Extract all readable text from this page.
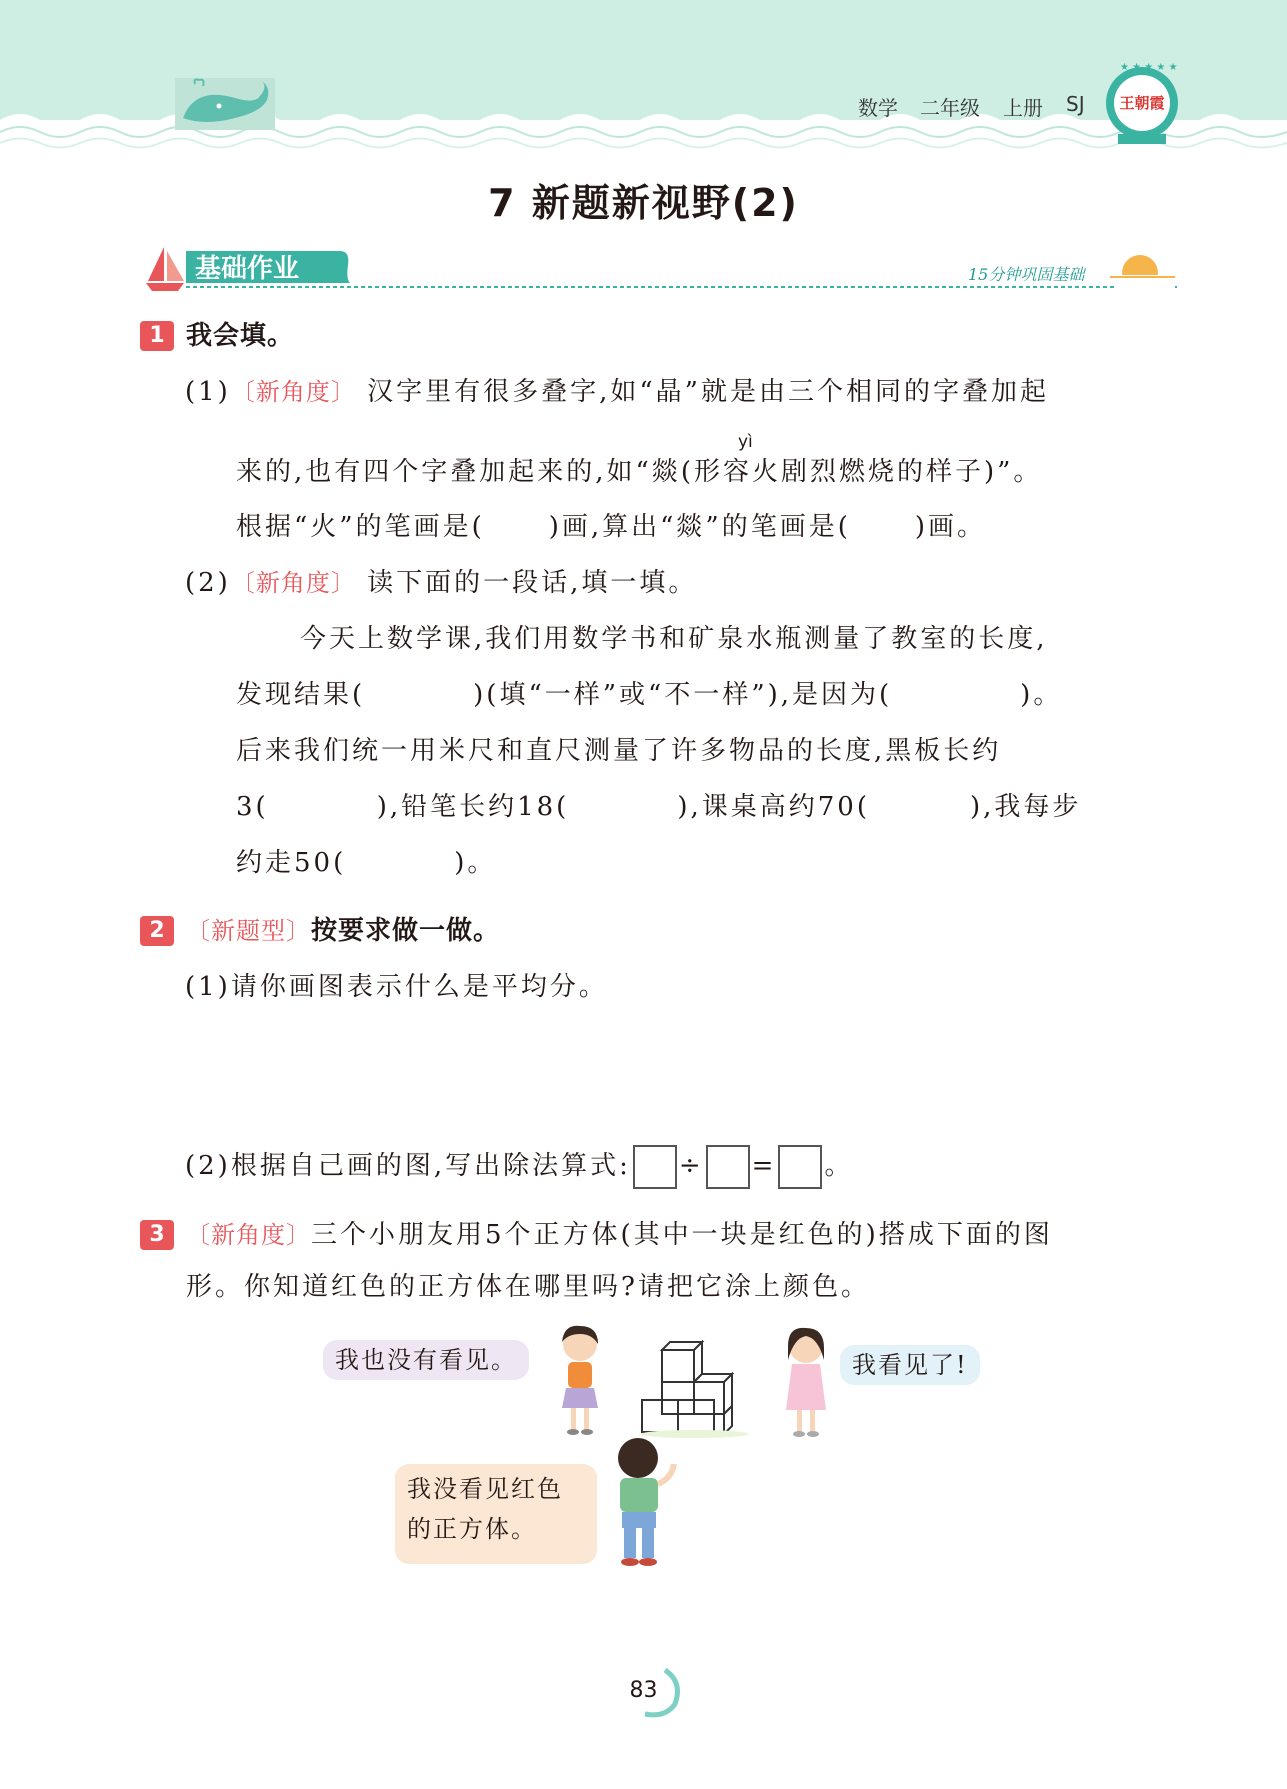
数学 二年级 上册 SJ
★ ★ ★ ★ ★
王朝霞
7 新题新视野(2)
基础作业	15分钟巩固基础
1 我会填。
(1)〔新角度〕 汉字里有很多叠字,如“晶”就是由三个相同的字叠加起
yì
来的,也有四个字叠加起来的,如“燚(形容火剧烈燃烧的样子)”。
根据“火”的笔画是( )画,算出“燚”的笔画是( )画。
(2)〔新角度〕 读下面的一段话,填一填。
今天上数学课,我们用数学书和矿泉水瓶测量了教室的长度,
发现结果(	)(填“一样”或“不一样”),是因为(	)。
后来我们统一用米尺和直尺测量了许多物品的长度,黑板长约
3(	),铅笔长约18(	),课桌高约70(	),我每步
约走50(	)。
2 〔新题型〕按要求做一做。
(1)请你画图表示什么是平均分。
(2)根据自己画的图,写出除法算式: ÷ = 。
3 〔新角度〕三个小朋友用5个正方体(其中一块是红色的)搭成下面的图
形。你知道红色的正方体在哪里吗?请把它涂上颜色。
我也没有看见。	我看见了!
我没看见红色
的正方体。
83
